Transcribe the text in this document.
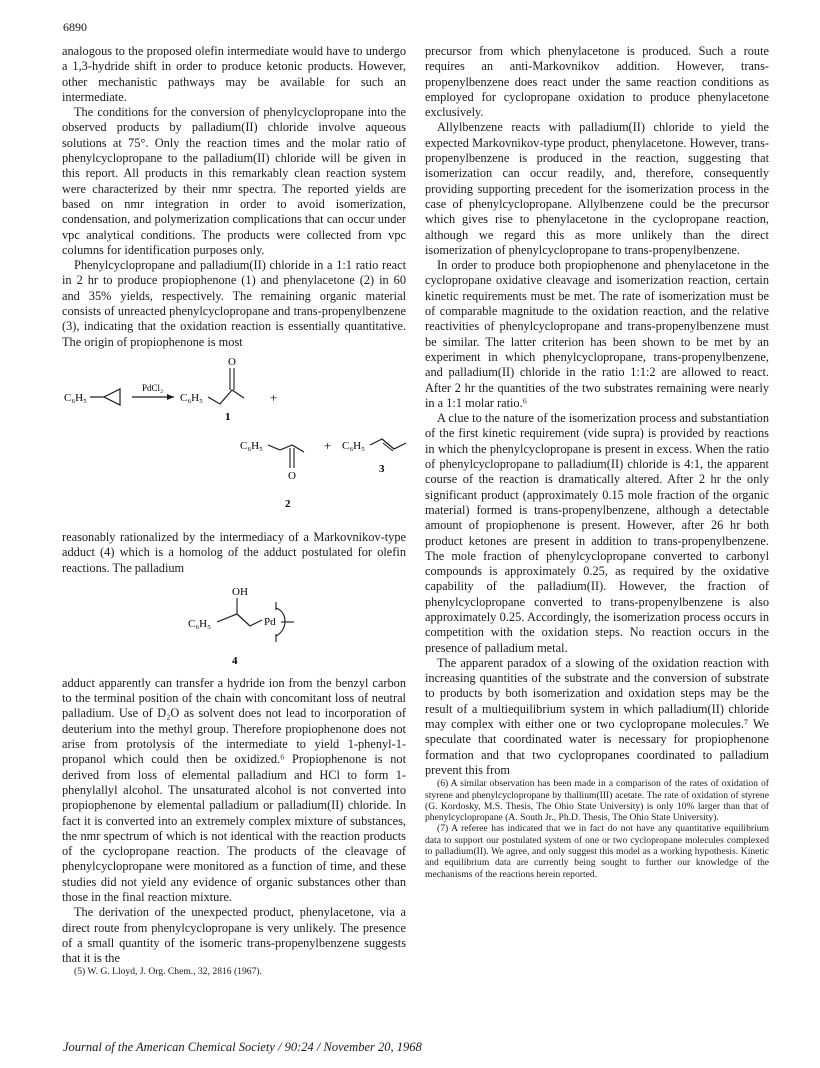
6890

analogous to the proposed olefin intermediate would have to undergo a 1,3-hydride shift in order to produce ketonic products. However, other mechanistic pathways may be available for such an intermediate.

The conditions for the conversion of phenylcyclopropane into the observed products by palladium(II) chloride involve aqueous solutions at 75°. Only the reaction times and the molar ratio of phenylcyclopropane to the palladium(II) chloride will be given in this report. All products in this remarkably clean reaction system were characterized by their nmr spectra. The reported yields are based on nmr integration in order to avoid isomerization, condensation, and polymerization complications that can occur under vpc analytical conditions. The products were collected from vpc columns for identification purposes only.

Phenylcyclopropane and palladium(II) chloride in a 1:1 ratio react in 2 hr to produce propiophenone (1) and phenylacetone (2) in 60 and 35% yields, respectively. The remaining organic material consists of unreacted phenylcyclopropane and trans-propenylbenzene (3), indicating that the oxidation reaction is essentially quantitative. The origin of propiophenone is most

C₆H₅
PdCl₂
C₆H₅
O
+
1
C₆H₅
O
+ C₆H₅
2
3

reasonably rationalized by the intermediacy of a Markovnikov-type adduct (4) which is a homolog of the adduct postulated for olefin reactions. The palladium

OH
C₆H₅	Pd
4

adduct apparently can transfer a hydride ion from the benzyl carbon to the terminal position of the chain with concomitant loss of neutral palladium. Use of D₂O as solvent does not lead to incorporation of deuterium into the methyl group. Therefore propiophenone does not arise from protolysis of the intermediate to yield 1-phenyl-1-propanol which could then be oxidized.⁶ Propiophenone is not derived from loss of elemental palladium and HCl to form 1-phenylallyl alcohol. The unsaturated alcohol is not converted into propiophenone by elemental palladium or palladium(II) chloride. In fact it is converted into an extremely complex mixture of substances, the nmr spectrum of which is not identical with the reaction products of the cyclopropane reaction. The products of the cleavage of phenylcyclopropane were monitored as a function of time, and these studies did not yield any evidence of organic substances other than those in the final reaction mixture.

The derivation of the unexpected product, phenylacetone, via a direct route from phenylcyclopropane is very unlikely. The presence of a small quantity of the isomeric trans-propenylbenzene suggests that it is the

(5) W. G. Lloyd, J. Org. Chem., 32, 2816 (1967).

precursor from which phenylacetone is produced. Such a route requires an anti-Markovnikov addition. However, trans-propenylbenzene does react under the same reaction conditions as employed for cyclopropane oxidation to produce phenylacetone exclusively.

Allylbenzene reacts with palladium(II) chloride to yield the expected Markovnikov-type product, phenylacetone. However, trans-propenylbenzene is produced in the reaction, suggesting that isomerization can occur readily, and, therefore, consequently providing supporting precedent for the isomerization process in the case of phenylcyclopropane. Allylbenzene could be the precursor which gives rise to phenylacetone in the cyclopropane reaction, although we regard this as more unlikely than the direct isomerization of phenylcyclopropane to trans-propenylbenzene.

In order to produce both propiophenone and phenylacetone in the cyclopropane oxidative cleavage and isomerization reaction, certain kinetic requirements must be met. The rate of isomerization must be of comparable magnitude to the oxidation reaction, and the relative reactivities of phenylcyclopropane and trans-propenylbenzene must be similar. The latter criterion has been shown to be met by an experiment in which phenylcyclopropane, trans-propenylbenzene, and palladium(II) chloride in the ratio 1:1:2 are allowed to react. After 2 hr the quantities of the two substrates remaining were nearly in a 1:1 molar ratio.⁶

A clue to the nature of the isomerization process and substantiation of the first kinetic requirement (vide supra) is provided by reactions in which the phenylcyclopropane is present in excess. When the ratio of phenylcyclopropane to palladium(II) chloride is 4:1, the apparent course of the reaction is dramatically altered. After 2 hr the only significant product (approximately 0.15 mole fraction of the organic material) formed is trans-propenylbenzene, although a detectable amount of propiophenone is present. However, after 26 hr both product ketones are present in addition to trans-propenylbenzene. The mole fraction of phenylcyclopropane converted to carbonyl compounds is approximately 0.25, as required by the oxidative capability of the palladium(II). However, the fraction of phenylcyclopropane converted to trans-propenylbenzene is also approximately 0.25. Accordingly, the isomerization process occurs in competition with the oxidation steps. No reaction occurs in the presence of palladium metal.

The apparent paradox of a slowing of the oxidation reaction with increasing quantities of the substrate and the conversion of substrate to products by both isomerization and oxidation steps may be the result of a multiequilibrium system in which palladium(II) chloride may complex with either one or two cyclopropane molecules.⁷ We speculate that coordinated water is necessary for propiophenone formation and that two cyclopropanes coordinated to palladium prevent this from

(6) A similar observation has been made in a comparison of the rates of oxidation of styrene and phenylcyclopropane by thallium(III) acetate. The rate of oxidation of styrene (G. Kordosky, M.S. Thesis, The Ohio State University) is only 10% larger than that of phenylcyclopropane (A. South Jr., Ph.D. Thesis, The Ohio State University).

(7) A referee has indicated that we in fact do not have any quantitative equilibrium data to support our postulated system of one or two cyclopropane molecules complexed to palladium(II). We agree, and only suggest this model as a working hypothesis. Kinetic and equilibrium data are currently being sought to further our knowledge of the mechanisms of the reactions herein reported.

Journal of the American Chemical Society / 90:24 / November 20, 1968
